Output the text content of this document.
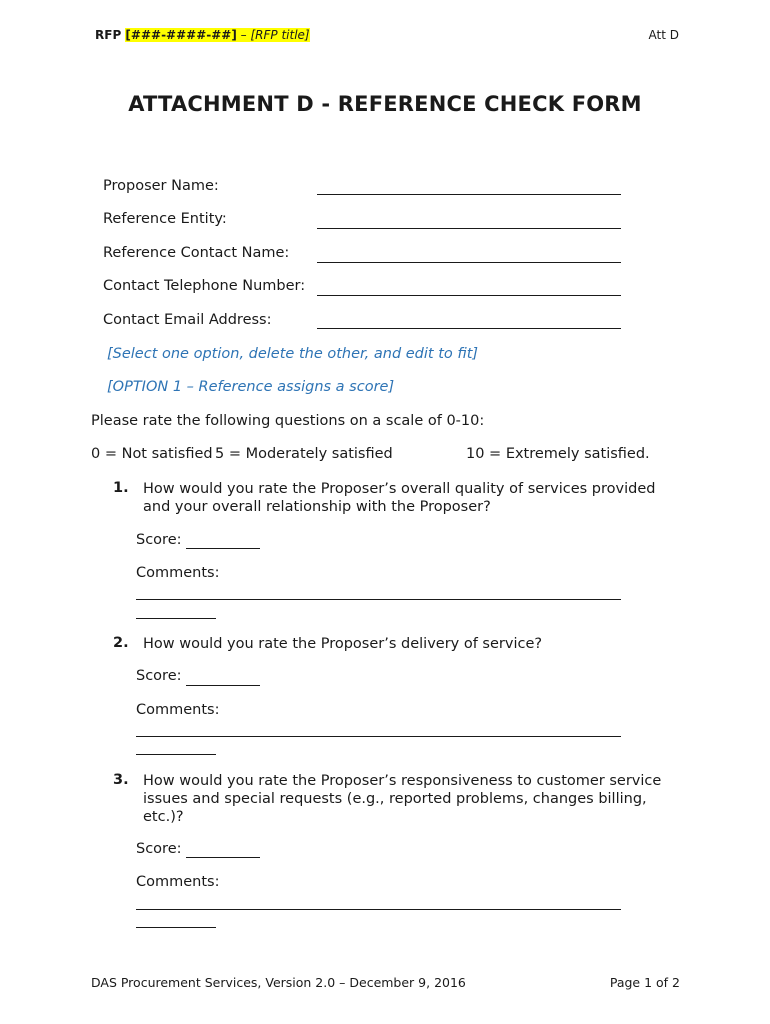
RFP [###-####-##] – [RFP title]	Att D
ATTACHMENT D - REFERENCE CHECK FORM
Proposer Name:
Reference Entity:
Reference Contact Name:
Contact Telephone Number:
Contact Email Address:
[Select one option, delete the other, and edit to fit]
[OPTION 1 – Reference assigns a score]
Please rate the following questions on a scale of 0-10:
0 = Not satisfied 5 = Moderately satisfied	10 = Extremely satisfied.
1. How would you rate the Proposer’s overall quality of services provided and your overall relationship with the Proposer?
Score:
Comments:
2. How would you rate the Proposer’s delivery of service?
Score:
Comments:
3. How would you rate the Proposer’s responsiveness to customer service issues and special requests (e.g., reported problems, changes billing, etc.)?
Score:
Comments:
DAS Procurement Services, Version 2.0 – December 9, 2016	Page 1 of 2
